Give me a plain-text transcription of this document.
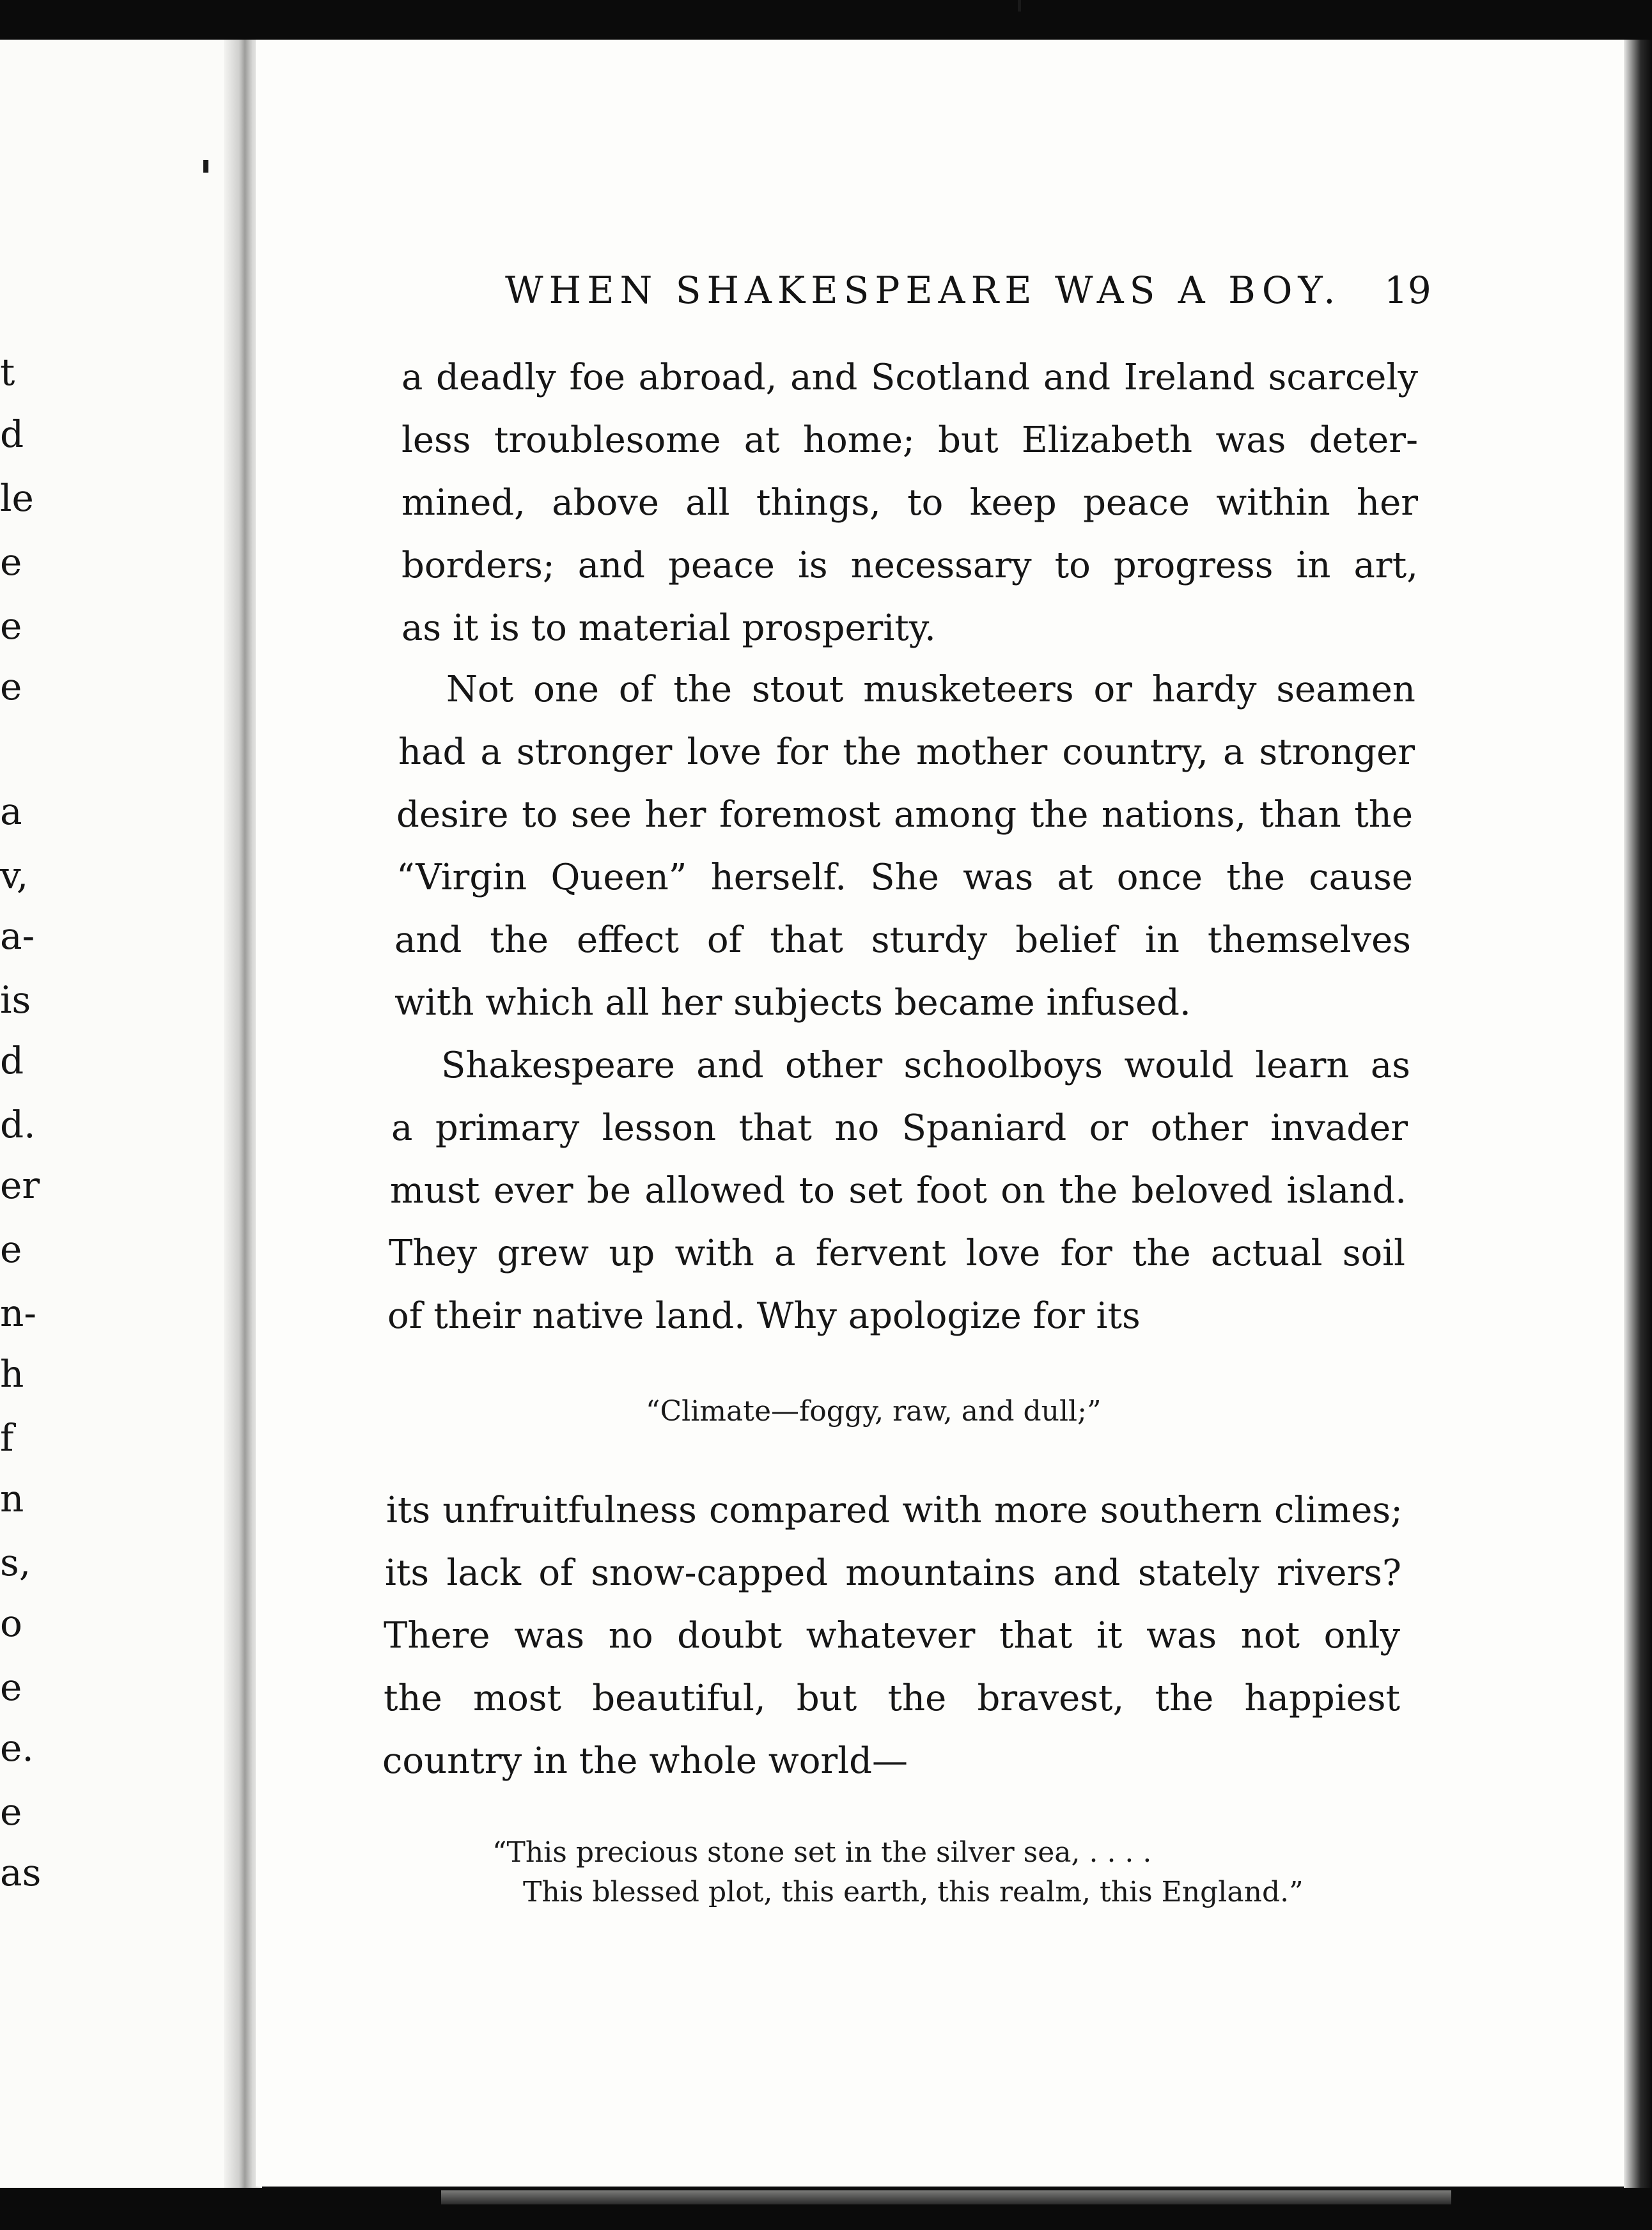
t
d
le
e
e
e
a
v,
a-
is
d
d.
er
e
n-
h
f
n
s,
o
e
e.
e
as
WHEN SHAKESPEARE WAS A BOY.	19
a deadly foe abroad, and Scotland and Ireland scarcely
less troublesome at home; but Elizabeth was deter-
mined, above all things, to keep peace within her
borders; and peace is necessary to progress in art,
as it is to material prosperity.
Not one of the stout musketeers or hardy seamen
had a stronger love for the mother country, a stronger
desire to see her foremost among the nations, than the
“Virgin Queen” herself. She was at once the cause
and the effect of that sturdy belief in themselves
with which all her subjects became infused.
Shakespeare and other schoolboys would learn as
a primary lesson that no Spaniard or other invader
must ever be allowed to set foot on the beloved island.
They grew up with a fervent love for the actual soil
of their native land. Why apologize for its
“Climate—foggy, raw, and dull;”
its unfruitfulness compared with more southern climes;
its lack of snow-capped mountains and stately rivers?
There was no doubt whatever that it was not only
the most beautiful, but the bravest, the happiest
country in the whole world—
“This precious stone set in the silver sea, . . . .
This blessed plot, this earth, this realm, this England.”
